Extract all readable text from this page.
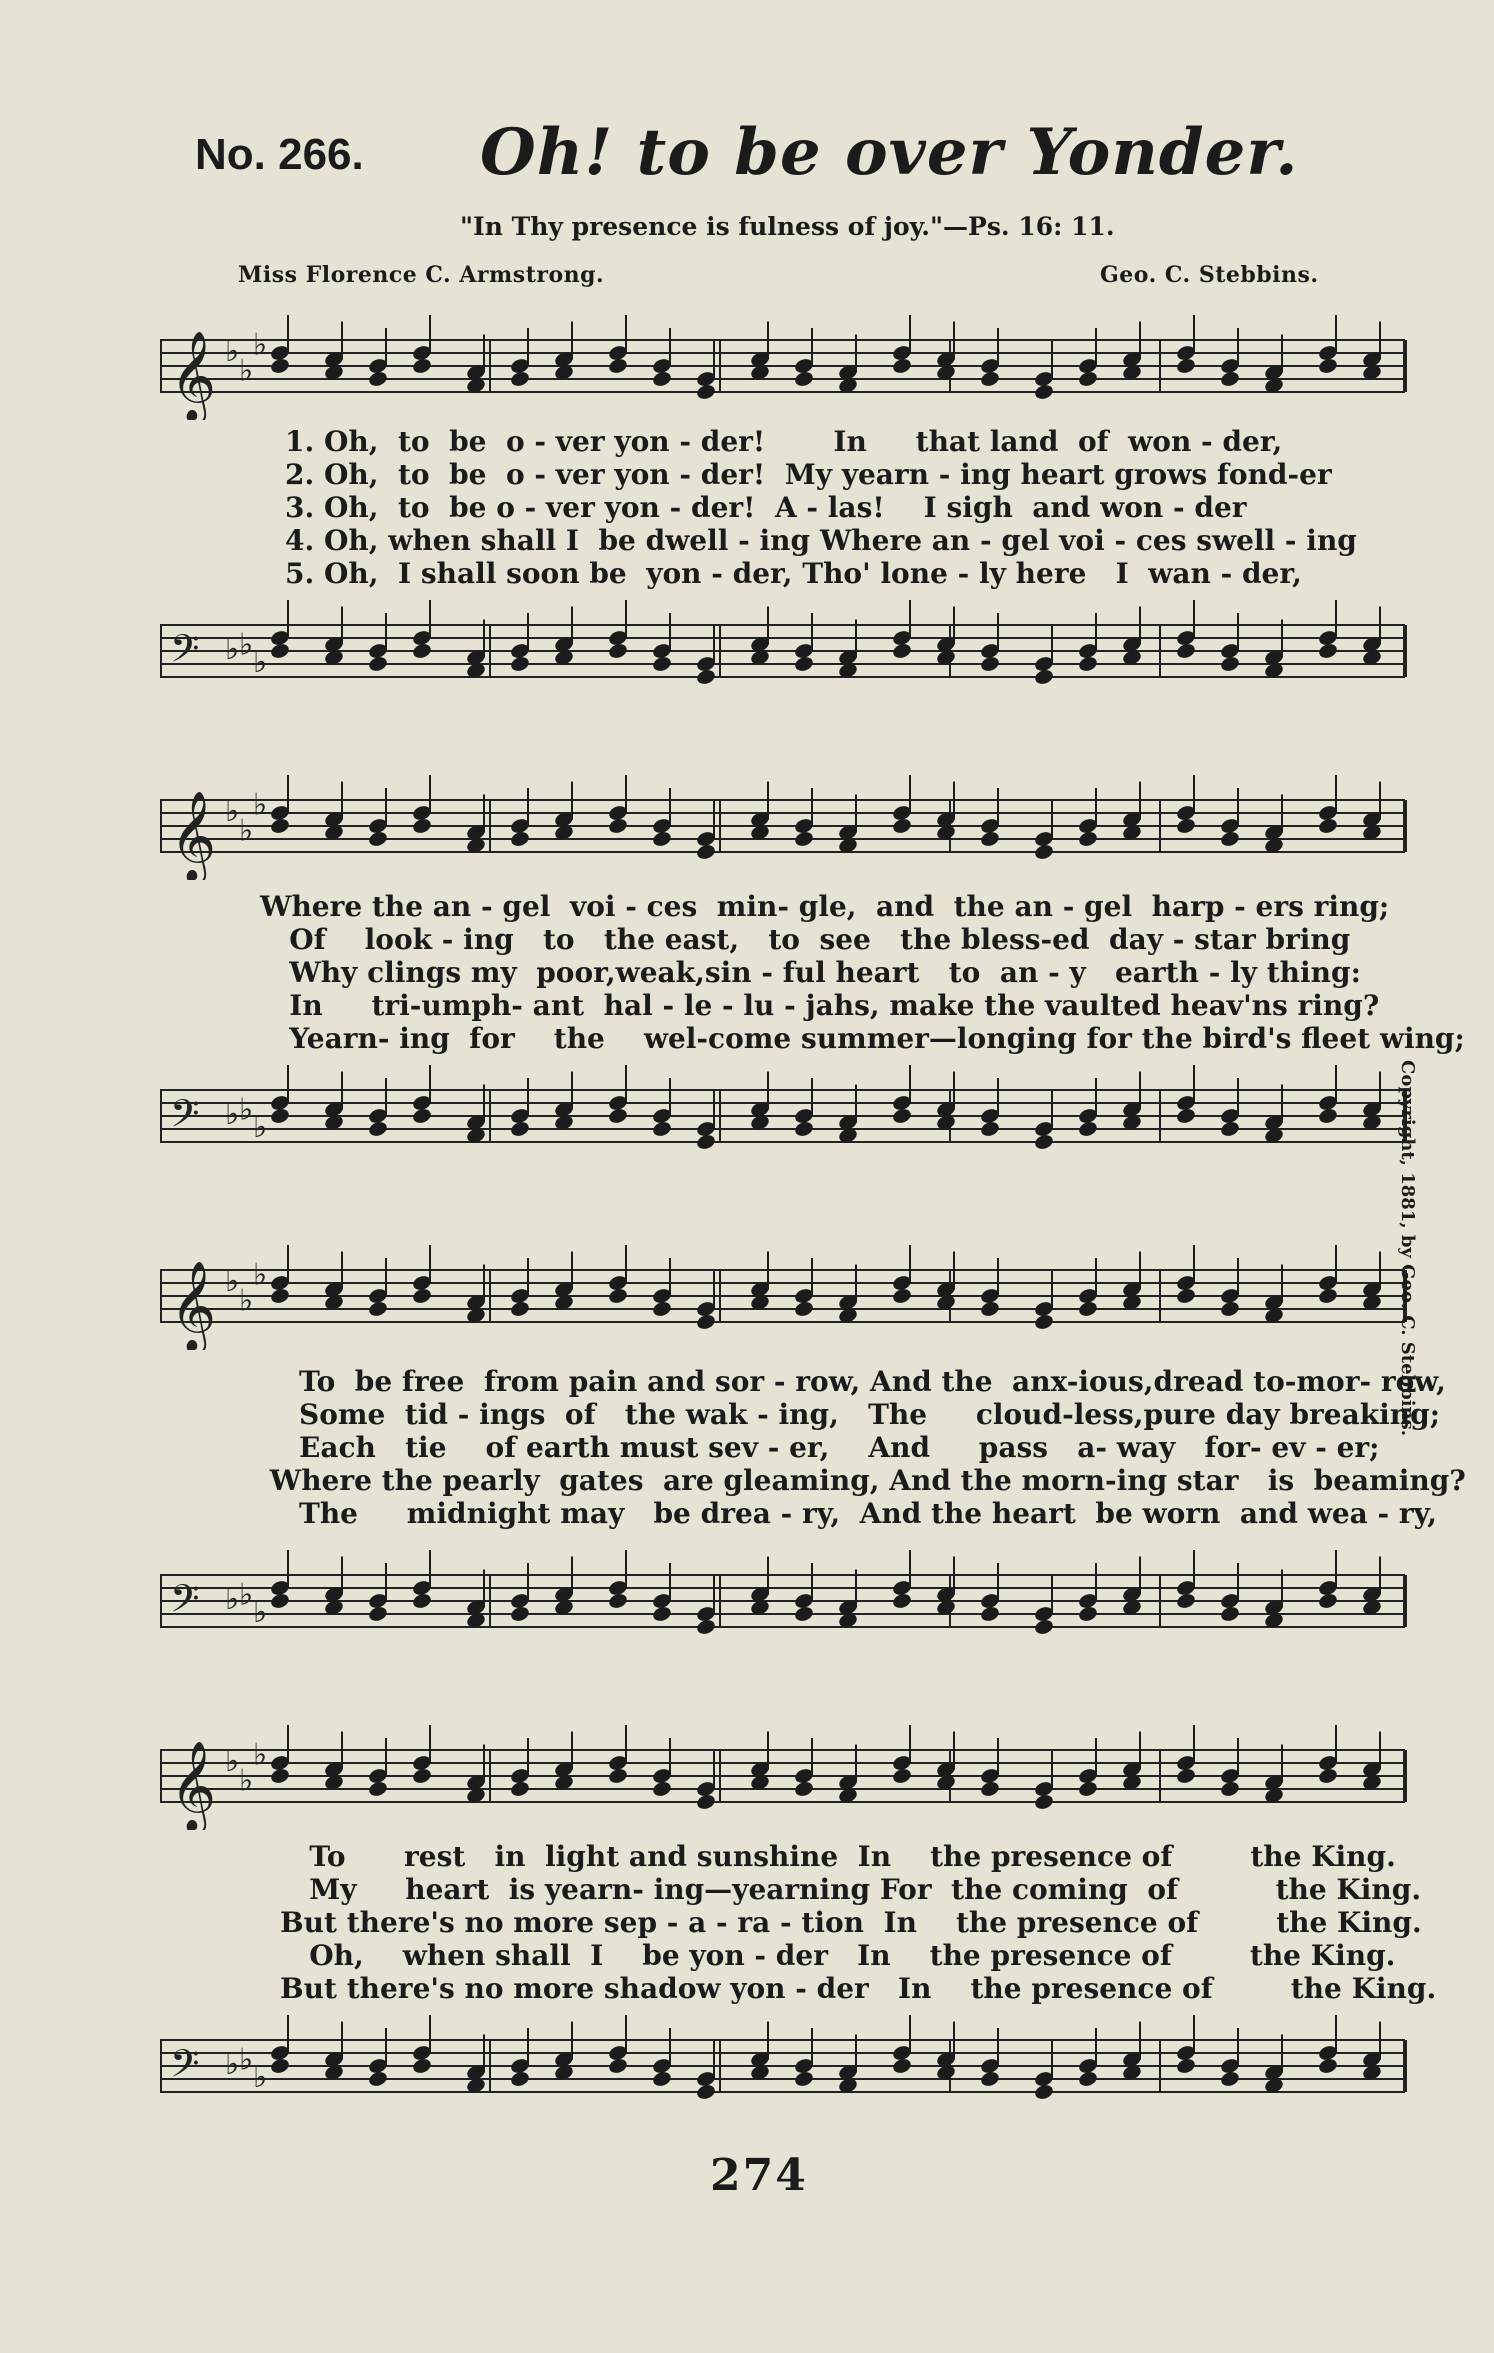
No. 266. Oh! to be over Yonder.
"In Thy presence is fulness of joy."—Ps. 16: 11.
Miss Florence C. Armstrong.	Geo. C. Stebbins.
𝄞 ♭
♭
♭
1. Oh,  to  be  o - ver yon - der!       In     that land  of  won - der,
2. Oh,  to  be  o - ver yon - der!  My yearn - ing heart grows fond-er
3. Oh,  to  be o - ver yon - der!  A - las!    I sigh  and won - der
4. Oh, when shall I  be dwell - ing Where an - gel voi - ces swell - ing
5. Oh,  I shall soon be  yon - der, Tho' lone - ly here   I  wan - der,
𝄢 ♭ ♭ ♭
𝄞 ♭
♭
♭
Where the an - gel  voi - ces  min- gle,  and  the an - gel  harp - ers ring;
Of    look - ing   to   the east,   to  see   the bless-ed  day - star bring
Why clings my  poor,weak,sin - ful heart   to  an - y   earth - ly thing:
In     tri-umph- ant  hal - le - lu - jahs, make the vaulted heav'ns ring?
Yearn- ing  for    the    wel-come summer—longing for the bird's fleet wing;
𝄢 ♭ ♭ ♭
𝄞 ♭
♭
♭
To  be free  from pain and sor - row, And the  anx-ious,dread to-mor- row,
Some  tid - ings  of   the wak - ing,   The     cloud-less,pure day breaking;
Each   tie    of earth must sev - er,    And     pass   a- way   for- ev - er;
Where the pearly  gates  are gleaming, And the morn-ing star   is  beaming?
The     midnight may   be drea - ry,  And the heart  be worn  and wea - ry,
𝄢 ♭ ♭ ♭
𝄞 ♭
♭
♭
To      rest   in  light and sunshine  In    the presence of        the King.
My     heart  is yearn- ing—yearning For  the coming  of          the King.
But there's no more sep - a - ra - tion  In    the presence of        the King.
Oh,    when shall  I    be yon - der   In    the presence of        the King.
But there's no more shadow yon - der   In    the presence of        the King.
𝄢 ♭ ♭ ♭
Copyright, 1881, by Geo. C. Stebbins.
274
